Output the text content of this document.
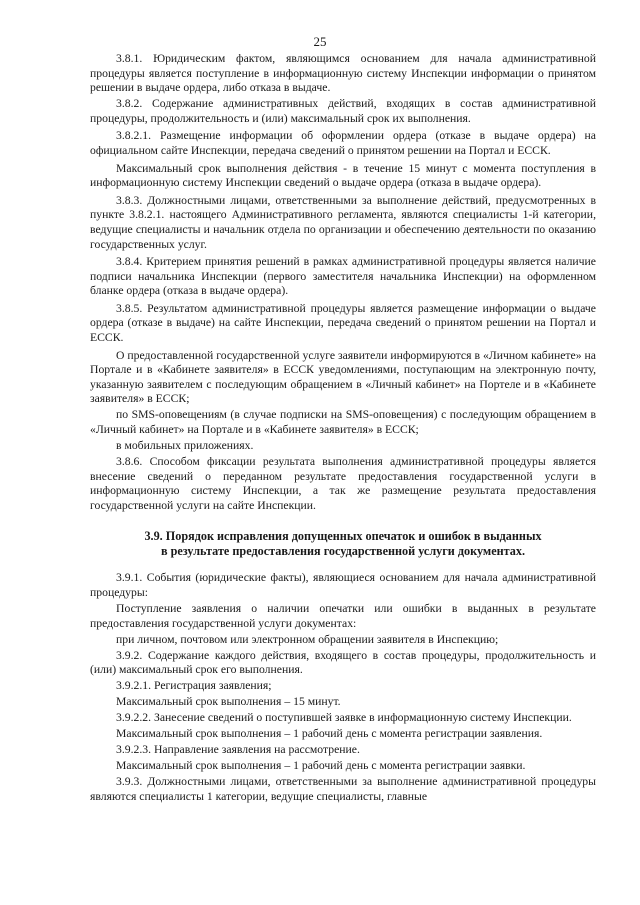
25

3.8.1. Юридическим фактом, являющимся основанием для начала административной процедуры является поступление в информационную систему Инспекции информации о принятом решении в выдаче ордера, либо отказа в выдаче.

3.8.2. Содержание административных действий, входящих в состав административной процедуры, продолжительность и (или) максимальный срок их выполнения.

3.8.2.1. Размещение информации об оформлении ордера (отказе в выдаче ордера) на официальном сайте Инспекции, передача сведений о принятом решении на Портал и ЕССК.

Максимальный срок выполнения действия - в течение 15 минут с момента поступления в информационную систему Инспекции сведений о выдаче ордера (отказа в выдаче ордера).

3.8.3. Должностными лицами, ответственными за выполнение действий, предусмотренных в пункте 3.8.2.1. настоящего Административного регламента, являются специалисты 1-й категории, ведущие специалисты и начальник отдела по организации и обеспечению деятельности по оказанию государственных услуг.

3.8.4. Критерием принятия решений в рамках административной процедуры является наличие подписи начальника Инспекции (первого заместителя начальника Инспекции) на оформленном бланке ордера (отказа в выдаче ордера).

3.8.5. Результатом административной процедуры является размещение информации о выдаче ордера (отказе в выдаче) на сайте Инспекции, передача сведений о принятом решении на Портал и ЕССК.

О предоставленной государственной услуге заявители информируются в «Личном кабинете» на Портале и в «Кабинете заявителя» в ЕССК уведомлениями, поступающим на электронную почту, указанную заявителем с последующим обращением в «Личный кабинет» на Портеле и в «Кабинете заявителя» в ЕССК;

по SMS-оповещениям (в случае подписки на SMS-оповещения) с последующим обращением в «Личный кабинет» на Портале и в «Кабинете заявителя» в ЕССК;

в мобильных приложениях.

3.8.6. Способом фиксации результата выполнения административной процедуры является внесение сведений о переданном результате предоставления государственной услуги в информационную систему Инспекции, а так же размещение результата предоставления государственной услуги на сайте Инспекции.

3.9. Порядок исправления допущенных опечаток и ошибок в выданных
в результате предоставления государственной услуги документах.

3.9.1. События (юридические факты), являющиеся основанием для начала административной процедуры:

Поступление заявления о наличии опечатки или ошибки в выданных в результате предоставления государственной услуги документах:

при личном, почтовом или электронном обращении заявителя в Инспекцию;

3.9.2. Содержание каждого действия, входящего в состав процедуры, продолжительность и (или) максимальный срок его выполнения.

3.9.2.1. Регистрация заявления;

Максимальный срок выполнения – 15 минут.

3.9.2.2. Занесение сведений о поступившей заявке в информационную систему Инспекции.

Максимальный срок выполнения – 1 рабочий день с момента регистрации заявления.

3.9.2.3. Направление заявления на рассмотрение.

Максимальный срок выполнения – 1 рабочий день с момента регистрации заявки.

3.9.3. Должностными лицами, ответственными за выполнение административной процедуры являются специалисты 1 категории, ведущие специалисты, главные
